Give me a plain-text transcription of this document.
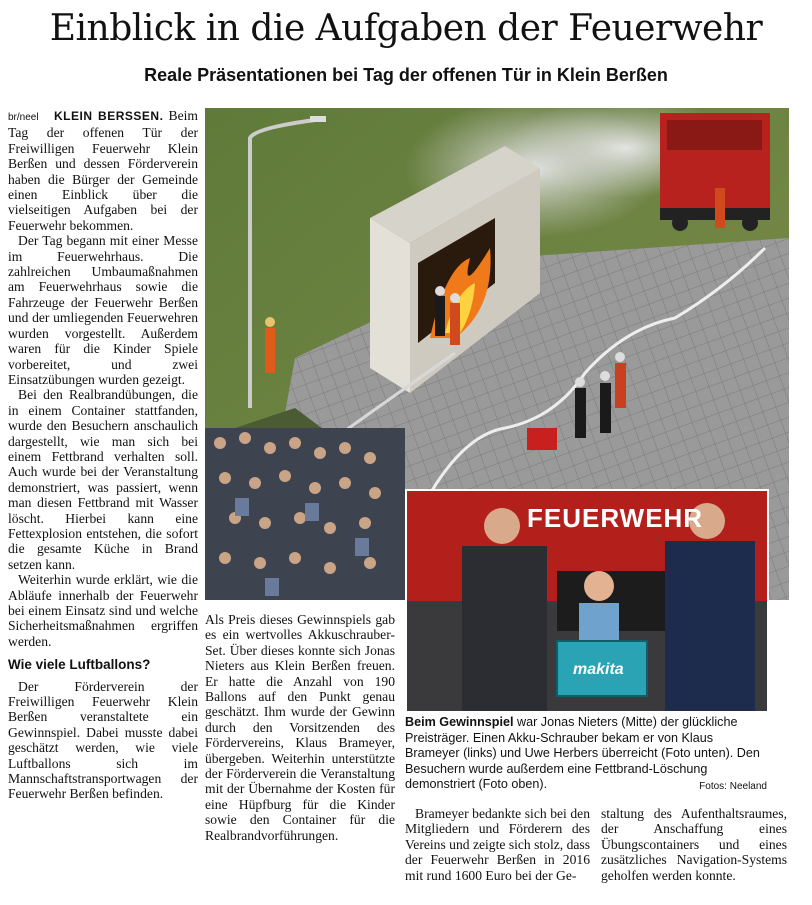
Einblick in die Aufgaben der Feuerwehr
Reale Präsentationen bei Tag der offenen Tür in Klein Berßen

br/neel KLEIN BERSSEN. Beim Tag der offenen Tür der Freiwilligen Feuerwehr Klein Berßen und dessen Förderverein haben die Bürger der Gemeinde einen Einblick über die vielseitigen Aufgaben bei der Feuerwehr bekommen.

Der Tag begann mit einer Messe im Feuerwehrhaus. Die zahlreichen Umbaumaßnahmen am Feuerwehrhaus sowie die Fahrzeuge der Feuerwehr Berßen und der umliegenden Feuerwehren wurden vorgestellt. Außerdem waren für die Kinder Spiele vorbereitet, und zwei Einsatzübungen wurden gezeigt.

Bei den Realbrandübungen, die in einem Container stattfanden, wurde den Besuchern anschaulich dargestellt, wie man sich bei einem Fettbrand verhalten soll. Auch wurde bei der Veranstaltung demonstriert, was passiert, wenn man diesen Fettbrand mit Wasser löscht. Hierbei kann eine Fettexplosion entstehen, die sofort die gesamte Küche in Brand setzen kann.

Weiterhin wurde erklärt, wie die Abläufe innerhalb der Feuerwehr bei einem Einsatz sind und welche Sicherheitsmaßnahmen ergriffen werden.

Wie viele Luftballons?

Der Förderverein der Freiwilligen Feuerwehr Klein Berßen veranstaltete ein Gewinnspiel. Dabei musste dabei geschätzt werden, wie viele Luftballons sich im Mannschaftstransportwagen der Feuerwehr Berßen befinden.

FEUERWEHR
makita

Als Preis dieses Gewinnspiels gab es ein wertvolles Akkuschrauber-Set. Über dieses konnte sich Jonas Nieters aus Klein Berßen freuen. Er hatte die Anzahl von 190 Ballons auf den Punkt genau geschätzt. Ihm wurde der Gewinn durch den Vorsitzenden des Fördervereins, Klaus Brameyer, übergeben. Weiterhin unterstützte der Förderverein die Veranstaltung mit der Übernahme der Kosten für eine Hüpfburg für die Kinder sowie den Container für die Realbrandvorführungen.

Beim Gewinnspiel war Jonas Nieters (Mitte) der glückliche Preisträger. Einen Akku-Schrauber bekam er von Klaus Brameyer (links) und Uwe Herbers überreicht (Foto unten). Den Besuchern wurde außerdem eine Fettbrand-Löschung demonstriert (Foto oben).	Fotos: Neeland

Brameyer bedankte sich bei den Mitgliedern und Förderern des Vereins und zeigte sich stolz, dass der Feuerwehr Berßen in 2016 mit rund 1600 Euro bei der Ge-

staltung des Aufenthaltsraumes, der Anschaffung eines Übungscontainers und eines zusätzliches Navigation-Systems geholfen werden konnte.
